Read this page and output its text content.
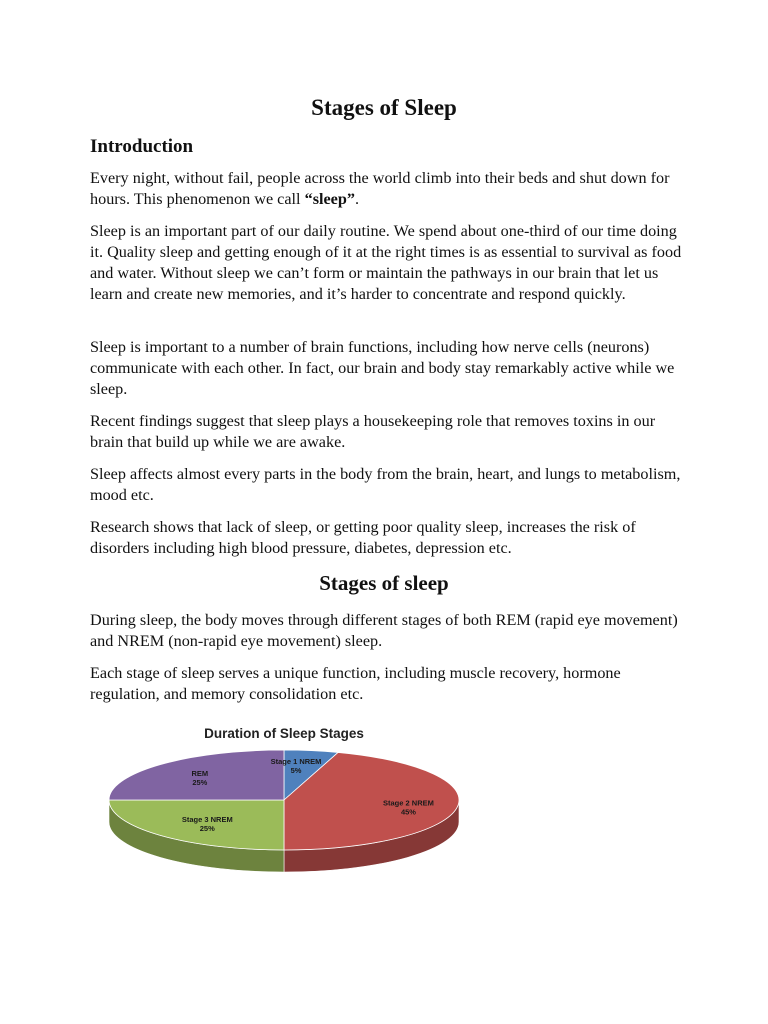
Stages of Sleep
Introduction

Every night, without fail, people across the world climb into their beds and shut down for hours. This phenomenon we call “sleep”.

Sleep is an important part of our daily routine. We spend about one-third of our time doing it. Quality sleep and getting enough of it at the right times is as essential to survival as food and water. Without sleep we can’t form or maintain the pathways in our brain that let us learn and create new memories, and it’s harder to concentrate and respond quickly.

Sleep is important to a number of brain functions, including how nerve cells (neurons) communicate with each other. In fact, our brain and body stay remarkably active while we sleep.

Recent findings suggest that sleep plays a housekeeping role that removes toxins in our brain that build up while we are awake.

Sleep affects almost every parts in the body from the brain, heart, and lungs to metabolism, mood etc.

Research shows that lack of sleep, or getting poor quality sleep, increases the risk of disorders including high blood pressure, diabetes, depression etc.

Stages of sleep

During sleep, the body moves through different stages of both REM (rapid eye movement) and NREM (non-rapid eye movement) sleep.

Each stage of sleep serves a unique function, including muscle recovery, hormone regulation, and memory consolidation etc.

Duration of Sleep Stages
Stage 1 NREM
5%
Stage 2 NREM
45%
Stage 3 NREM
25%
REM
25%
